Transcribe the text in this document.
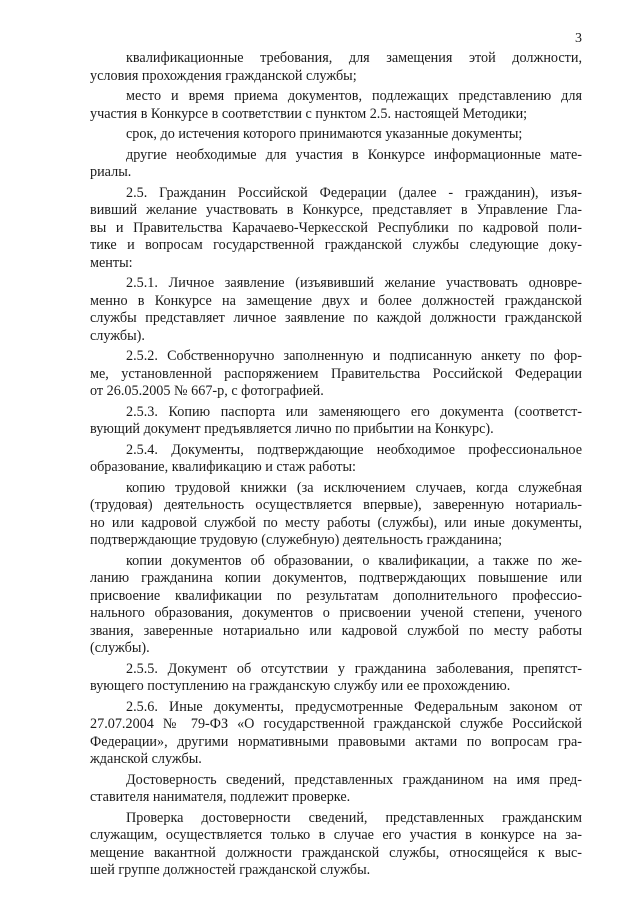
3
квалификационные требования, для замещения этой должности,
условия прохождения гражданской службы;
место и время приема документов, подлежащих представлению для
участия в Конкурсе в соответствии с пунктом 2.5. настоящей Методики;
срок, до истечения которого принимаются указанные документы;
другие необходимые для участия в Конкурсе информационные мате-
риалы.
2.5. Гражданин Российской Федерации (далее - гражданин), изъя-
вивший желание участвовать в Конкурсе, представляет в Управление Гла-
вы и Правительства Карачаево-Черкесской Республики по кадровой поли-
тике и вопросам государственной гражданской службы следующие доку-
менты:
2.5.1. Личное заявление (изъявивший желание участвовать одновре-
менно в Конкурсе на замещение двух и более должностей гражданской
службы представляет личное заявление по каждой должности гражданской
службы).
2.5.2. Собственноручно заполненную и подписанную анкету по фор-
ме, установленной распоряжением Правительства Российской Федерации
от 26.05.2005 № 667-р, с фотографией.
2.5.3. Копию паспорта или заменяющего его документа (соответст-
вующий документ предъявляется лично по прибытии на Конкурс).
2.5.4. Документы, подтверждающие необходимое профессиональное
образование, квалификацию и стаж работы:
копию трудовой книжки (за исключением случаев, когда служебная
(трудовая) деятельность осуществляется впервые), заверенную нотариаль-
но или кадровой службой по месту работы (службы), или иные документы,
подтверждающие трудовую (служебную) деятельность гражданина;
копии документов об образовании, о квалификации, а также по же-
ланию гражданина копии документов, подтверждающих повышение или
присвоение квалификации по результатам дополнительного профессио-
нального образования, документов о присвоении ученой степени, ученого
звания, заверенные нотариально или кадровой службой по месту работы
(службы).
2.5.5. Документ об отсутствии у гражданина заболевания, препятст-
вующего поступлению на гражданскую службу или ее прохождению.
2.5.6. Иные документы, предусмотренные Федеральным законом от
27.07.2004 № 79-ФЗ «О государственной гражданской службе Российской
Федерации», другими нормативными правовыми актами по вопросам гра-
жданской службы.
Достоверность сведений, представленных гражданином на имя пред-
ставителя нанимателя, подлежит проверке.
Проверка достоверности сведений, представленных гражданским
служащим, осуществляется только в случае его участия в конкурсе на за-
мещение вакантной должности гражданской службы, относящейся к выс-
шей группе должностей гражданской службы.
